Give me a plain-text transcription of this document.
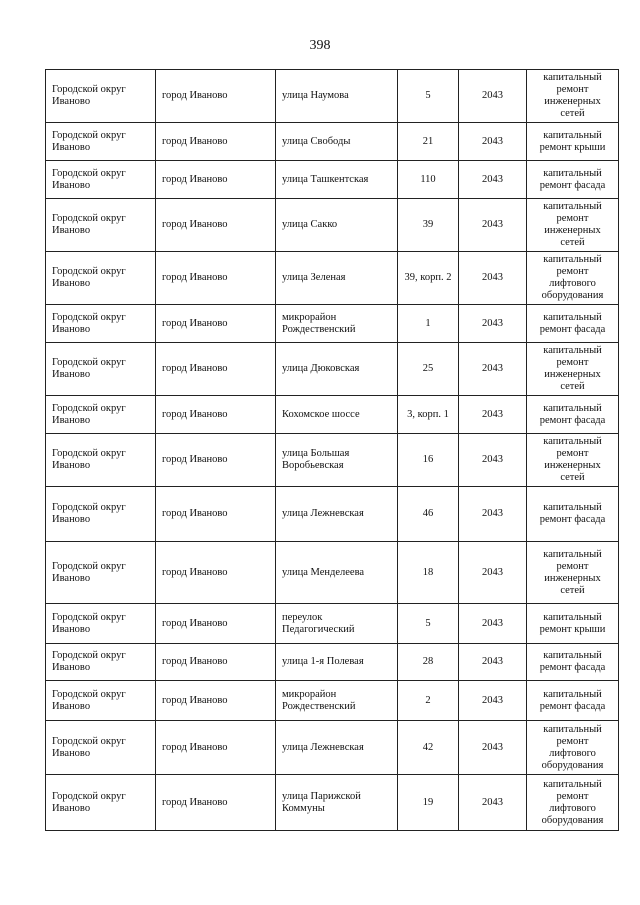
398
Городской округ Иваново	город Иваново	улица Наумова	5	2043	капитальный ремонт инженерных сетей
Городской округ Иваново	город Иваново	улица Свободы	21	2043	капитальный ремонт крыши
Городской округ Иваново	город Иваново	улица Ташкентская	110	2043	капитальный ремонт фасада
Городской округ Иваново	город Иваново	улица Сакко	39	2043	капитальный ремонт инженерных сетей
Городской округ Иваново	город Иваново	улица Зеленая	39, корп. 2	2043	капитальный ремонт лифтового оборудования
Городской округ Иваново	город Иваново	микрорайон Рождественский	1	2043	капитальный ремонт фасада
Городской округ Иваново	город Иваново	улица Дюковская	25	2043	капитальный ремонт инженерных сетей
Городской округ Иваново	город Иваново	Кохомское шоссе	3, корп. 1	2043	капитальный ремонт фасада
Городской округ Иваново	город Иваново	улица Большая Воробьевская	16	2043	капитальный ремонт инженерных сетей
Городской округ Иваново	город Иваново	улица Лежневская	46	2043	капитальный ремонт фасада
Городской округ Иваново	город Иваново	улица Менделеева	18	2043	капитальный ремонт инженерных сетей
Городской округ Иваново	город Иваново	переулок Педагогический	5	2043	капитальный ремонт крыши
Городской округ Иваново	город Иваново	улица 1-я Полевая	28	2043	капитальный ремонт фасада
Городской округ Иваново	город Иваново	микрорайон Рождественский	2	2043	капитальный ремонт фасада
Городской округ Иваново	город Иваново	улица Лежневская	42	2043	капитальный ремонт лифтового оборудования
Городской округ Иваново	город Иваново	улица Парижской Коммуны	19	2043	капитальный ремонт лифтового оборудования
